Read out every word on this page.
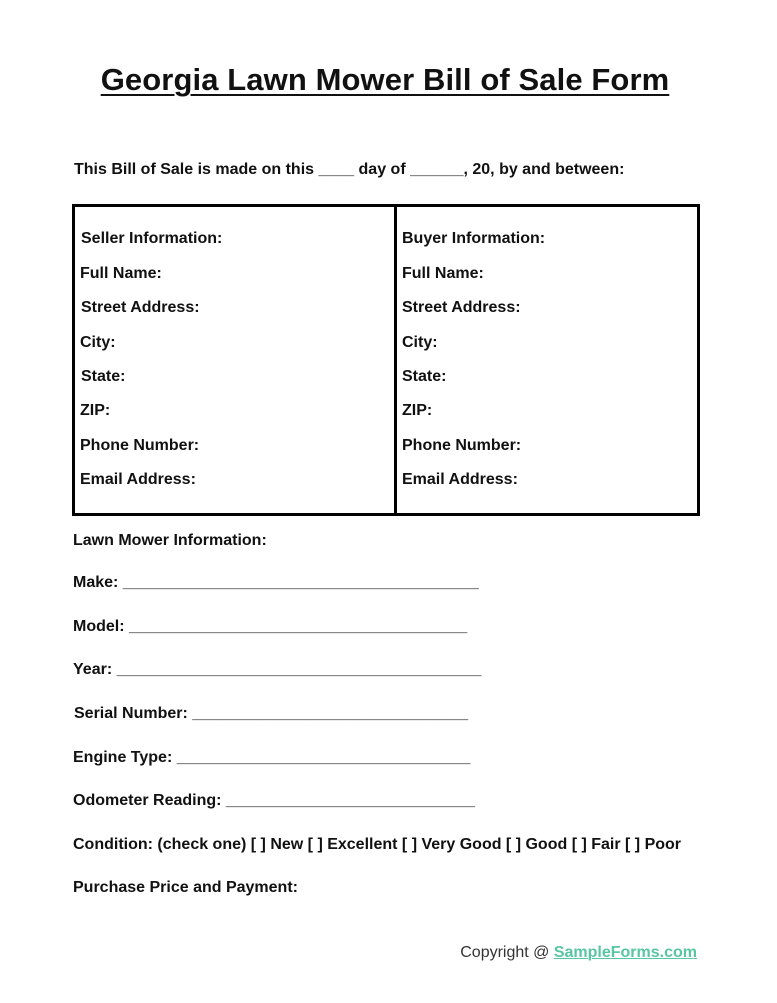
Georgia Lawn Mower Bill of Sale Form
This Bill of Sale is made on this ____ day of ______, 20, by and between:
Seller Information:
Full Name:
Street Address:
City:
State:
ZIP:
Phone Number:
Email Address:
Buyer Information:
Full Name:
Street Address:
City:
State:
ZIP:
Phone Number:
Email Address:
Lawn Mower Information:
Make: ________________________________________
Model: ______________________________________
Year: _________________________________________
Serial Number: _______________________________
Engine Type: _________________________________
Odometer Reading: ____________________________
Condition: (check one) [ ] New [ ] Excellent [ ] Very Good [ ] Good [ ] Fair [ ] Poor
Purchase Price and Payment:
Copyright @ SampleForms.com
